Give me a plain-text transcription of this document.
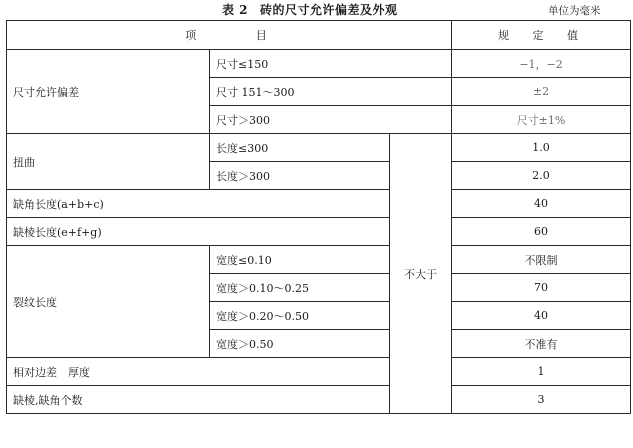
表 2 砖的尺寸允许偏差及外观	单位为毫米
项 目			规 定 值
尺寸允许偏差	尺寸≤150		−1，−2
	尺寸 151～300		±2
	尺寸＞300		尺寸±1%
扭曲	长度≤300	不大于	1.0
	长度＞300		2.0
缺角长度(a+b+c)			40
缺棱长度(e+f+g)			60
裂纹长度	宽度≤0.10		不限制
	宽度＞0.10～0.25		70
	宽度＞0.20～0.50		40
	宽度＞0.50		不准有
相对边差　厚度			1
缺棱,缺角个数			3
